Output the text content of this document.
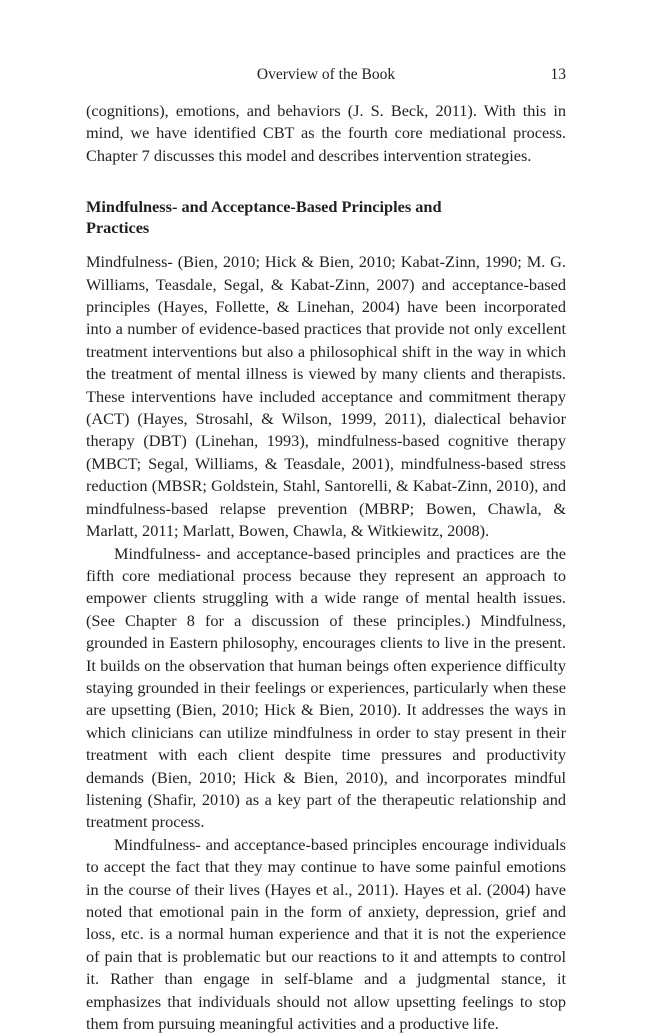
Overview of the Book	13

(cognitions), emotions, and behaviors (J. S. Beck, 2011). With this in mind, we have identified CBT as the fourth core mediational process. Chapter 7 discusses this model and describes intervention strategies.

Mindfulness- and Acceptance-Based Principles and Practices

Mindfulness- (Bien, 2010; Hick & Bien, 2010; Kabat-Zinn, 1990; M. G. Williams, Teasdale, Segal, & Kabat-Zinn, 2007) and acceptance-based principles (Hayes, Follette, & Linehan, 2004) have been incorporated into a number of evidence-based practices that provide not only excellent treatment interventions but also a philosophical shift in the way in which the treatment of mental illness is viewed by many clients and therapists. These interventions have included acceptance and commitment therapy (ACT) (Hayes, Strosahl, & Wilson, 1999, 2011), dialectical behavior therapy (DBT) (Linehan, 1993), mindfulness-based cognitive therapy (MBCT; Segal, Williams, & Teasdale, 2001), mindfulness-based stress reduction (MBSR; Goldstein, Stahl, Santorelli, & Kabat-Zinn, 2010), and mindfulness-based relapse prevention (MBRP; Bowen, Chawla, & Marlatt, 2011; Marlatt, Bowen, Chawla, & Witkiewitz, 2008).

Mindfulness- and acceptance-based principles and practices are the fifth core mediational process because they represent an approach to empower clients struggling with a wide range of mental health issues. (See Chapter 8 for a discussion of these principles.) Mindfulness, grounded in Eastern philosophy, encourages clients to live in the present. It builds on the observation that human beings often experience difficulty staying grounded in their feelings or experiences, particularly when these are upsetting (Bien, 2010; Hick & Bien, 2010). It addresses the ways in which clinicians can utilize mindfulness in order to stay present in their treatment with each client despite time pressures and productivity demands (Bien, 2010; Hick & Bien, 2010), and incorporates mindful listening (Shafir, 2010) as a key part of the therapeutic relationship and treatment process.

Mindfulness- and acceptance-based principles encourage individuals to accept the fact that they may continue to have some painful emotions in the course of their lives (Hayes et al., 2011). Hayes et al. (2004) have noted that emotional pain in the form of anxiety, depression, grief and loss, etc. is a normal human experience and that it is not the experience of pain that is problematic but our reactions to it and attempts to control it. Rather than engage in self-blame and a judgmental stance, it emphasizes that individuals should not allow upsetting feelings to stop them from pursuing meaningful activities and a productive life.
